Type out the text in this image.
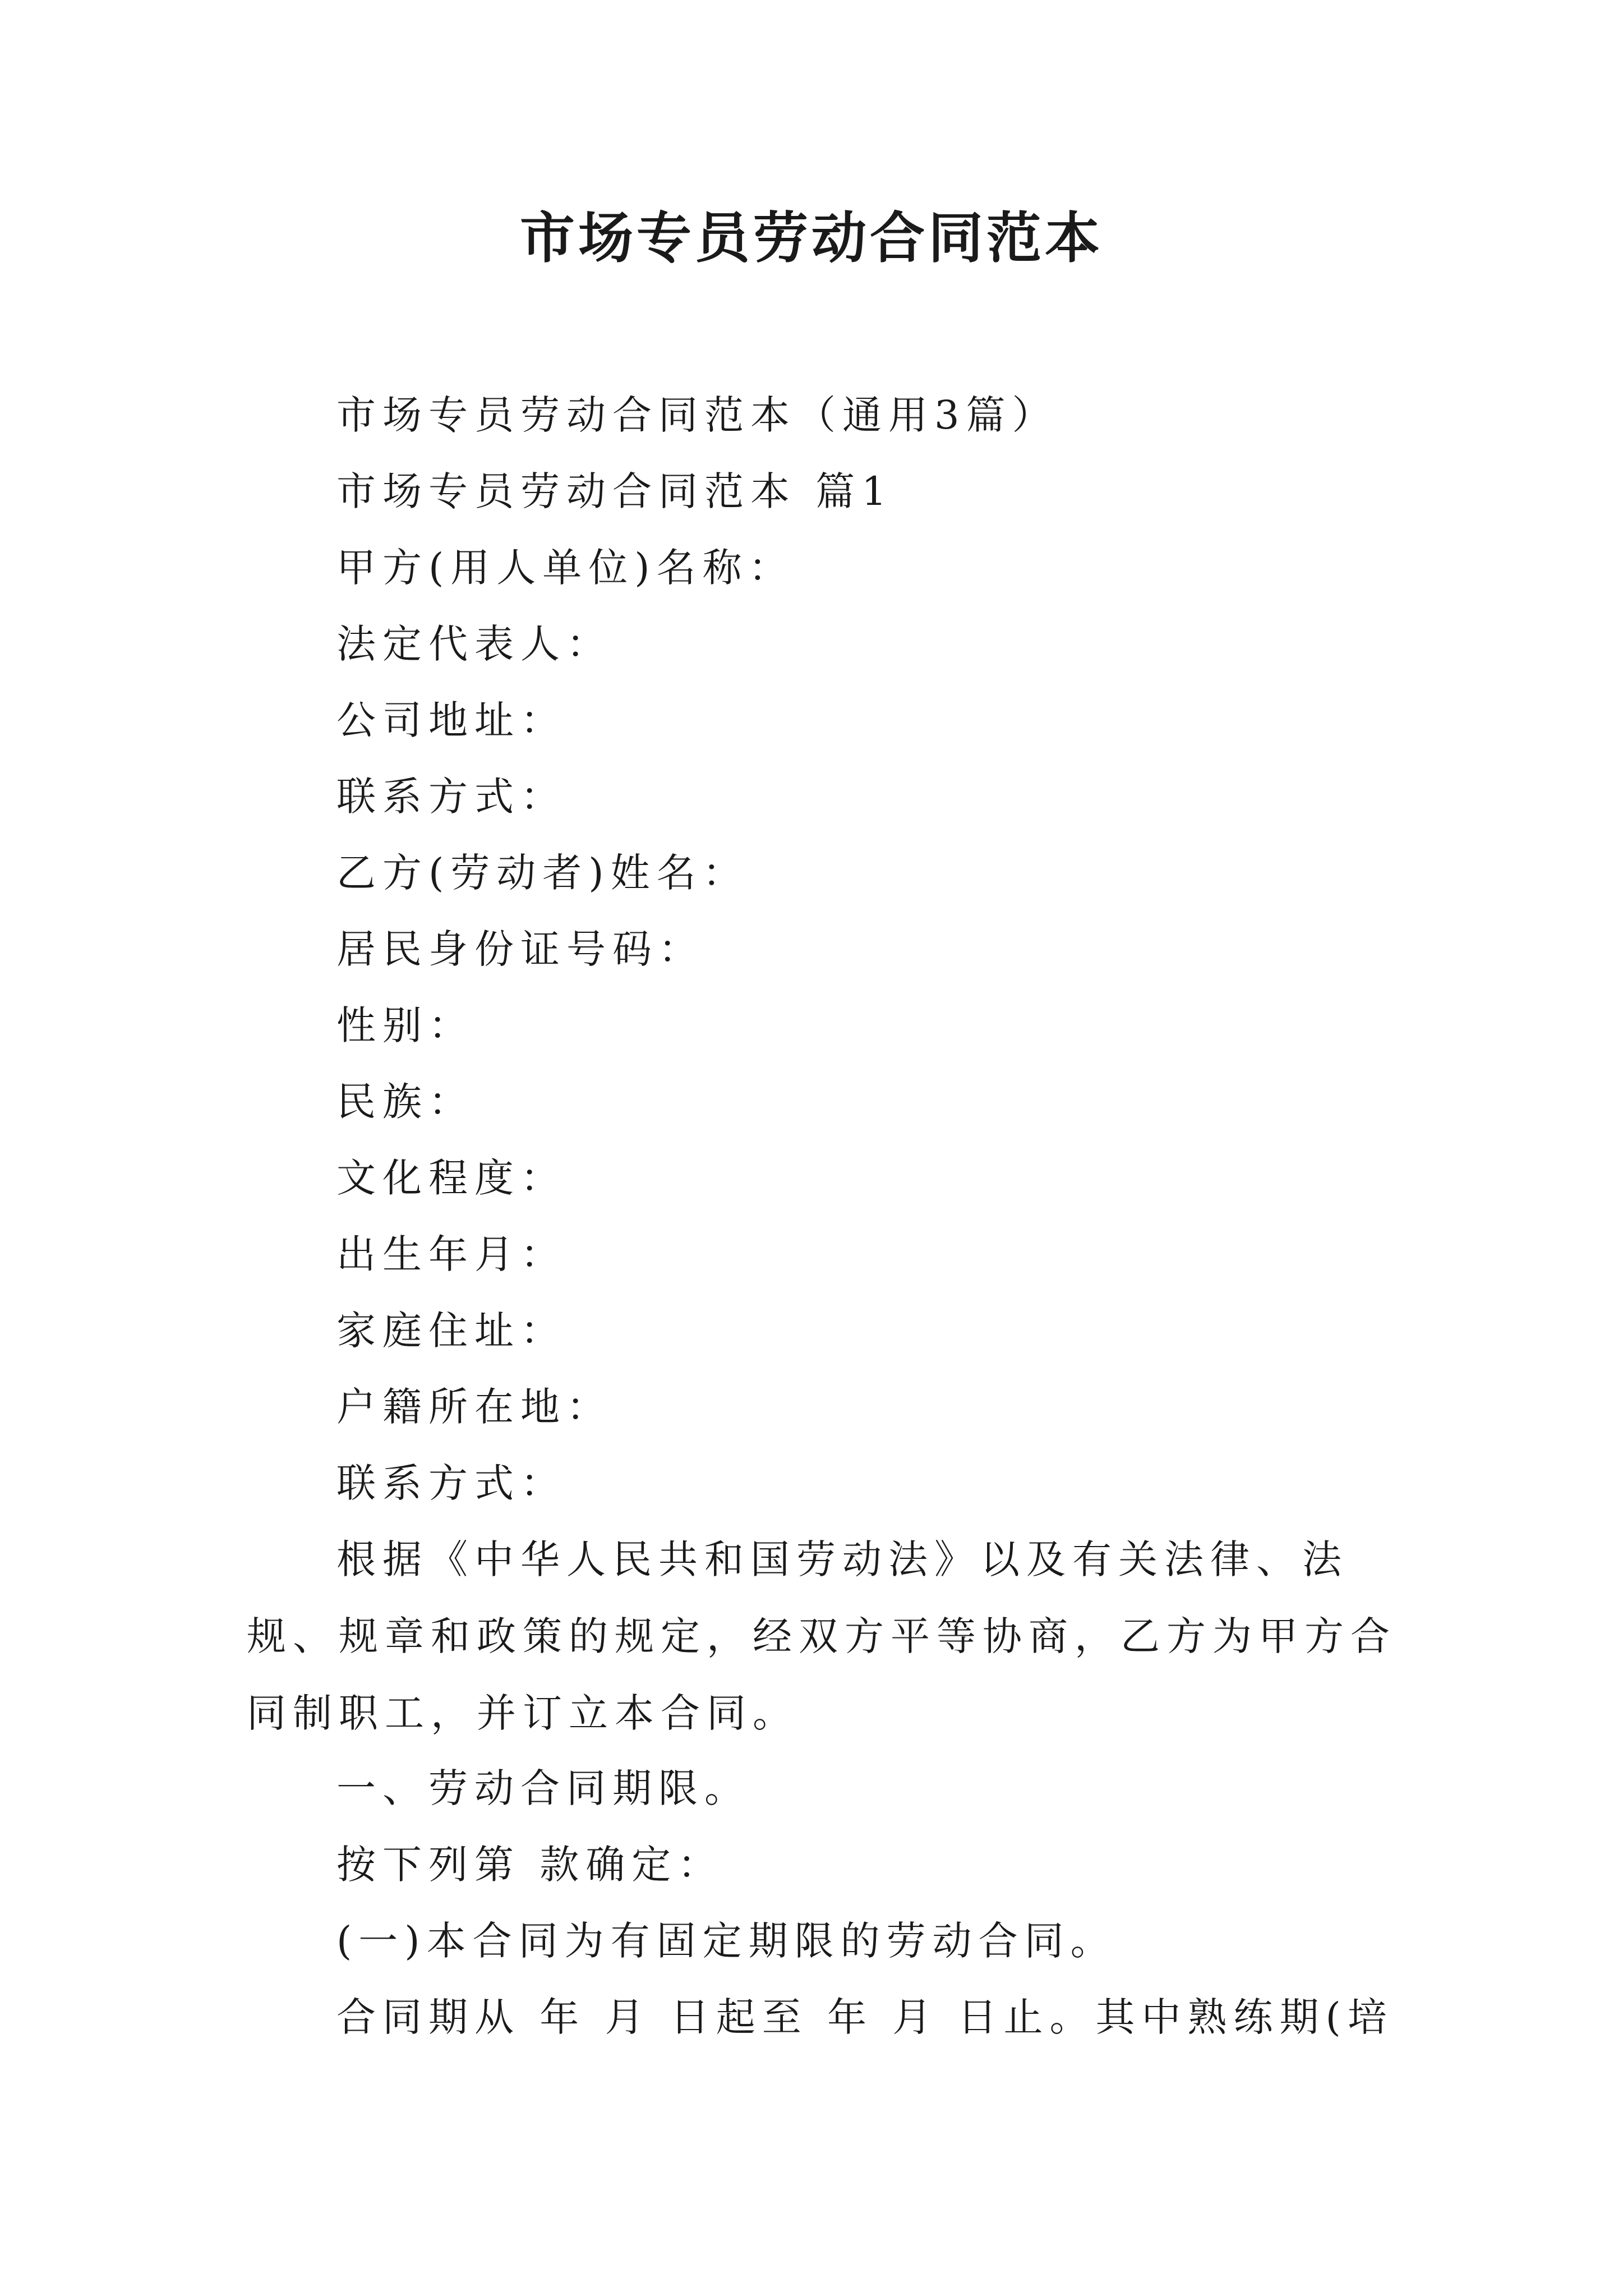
市场专员劳动合同范本
市场专员劳动合同范本（通用3篇）
市场专员劳动合同范本 篇1
甲方(用人单位)名称：
法定代表人：
公司地址：
联系方式：
乙方(劳动者)姓名：
居民身份证号码：
性别：
民族：
文化程度：
出生年月：
家庭住址：
户籍所在地：
联系方式：

根据《中华人民共和国劳动法》以及有关法律、法规、规章和政策的规定，经双方平等协商，乙方为甲方合同制职工，并订立本合同。

一、劳动合同期限。
按下列第 款确定：
(一)本合同为有固定期限的劳动合同。
合同期从 年 月 日起至 年 月 日止。其中熟练期(培
